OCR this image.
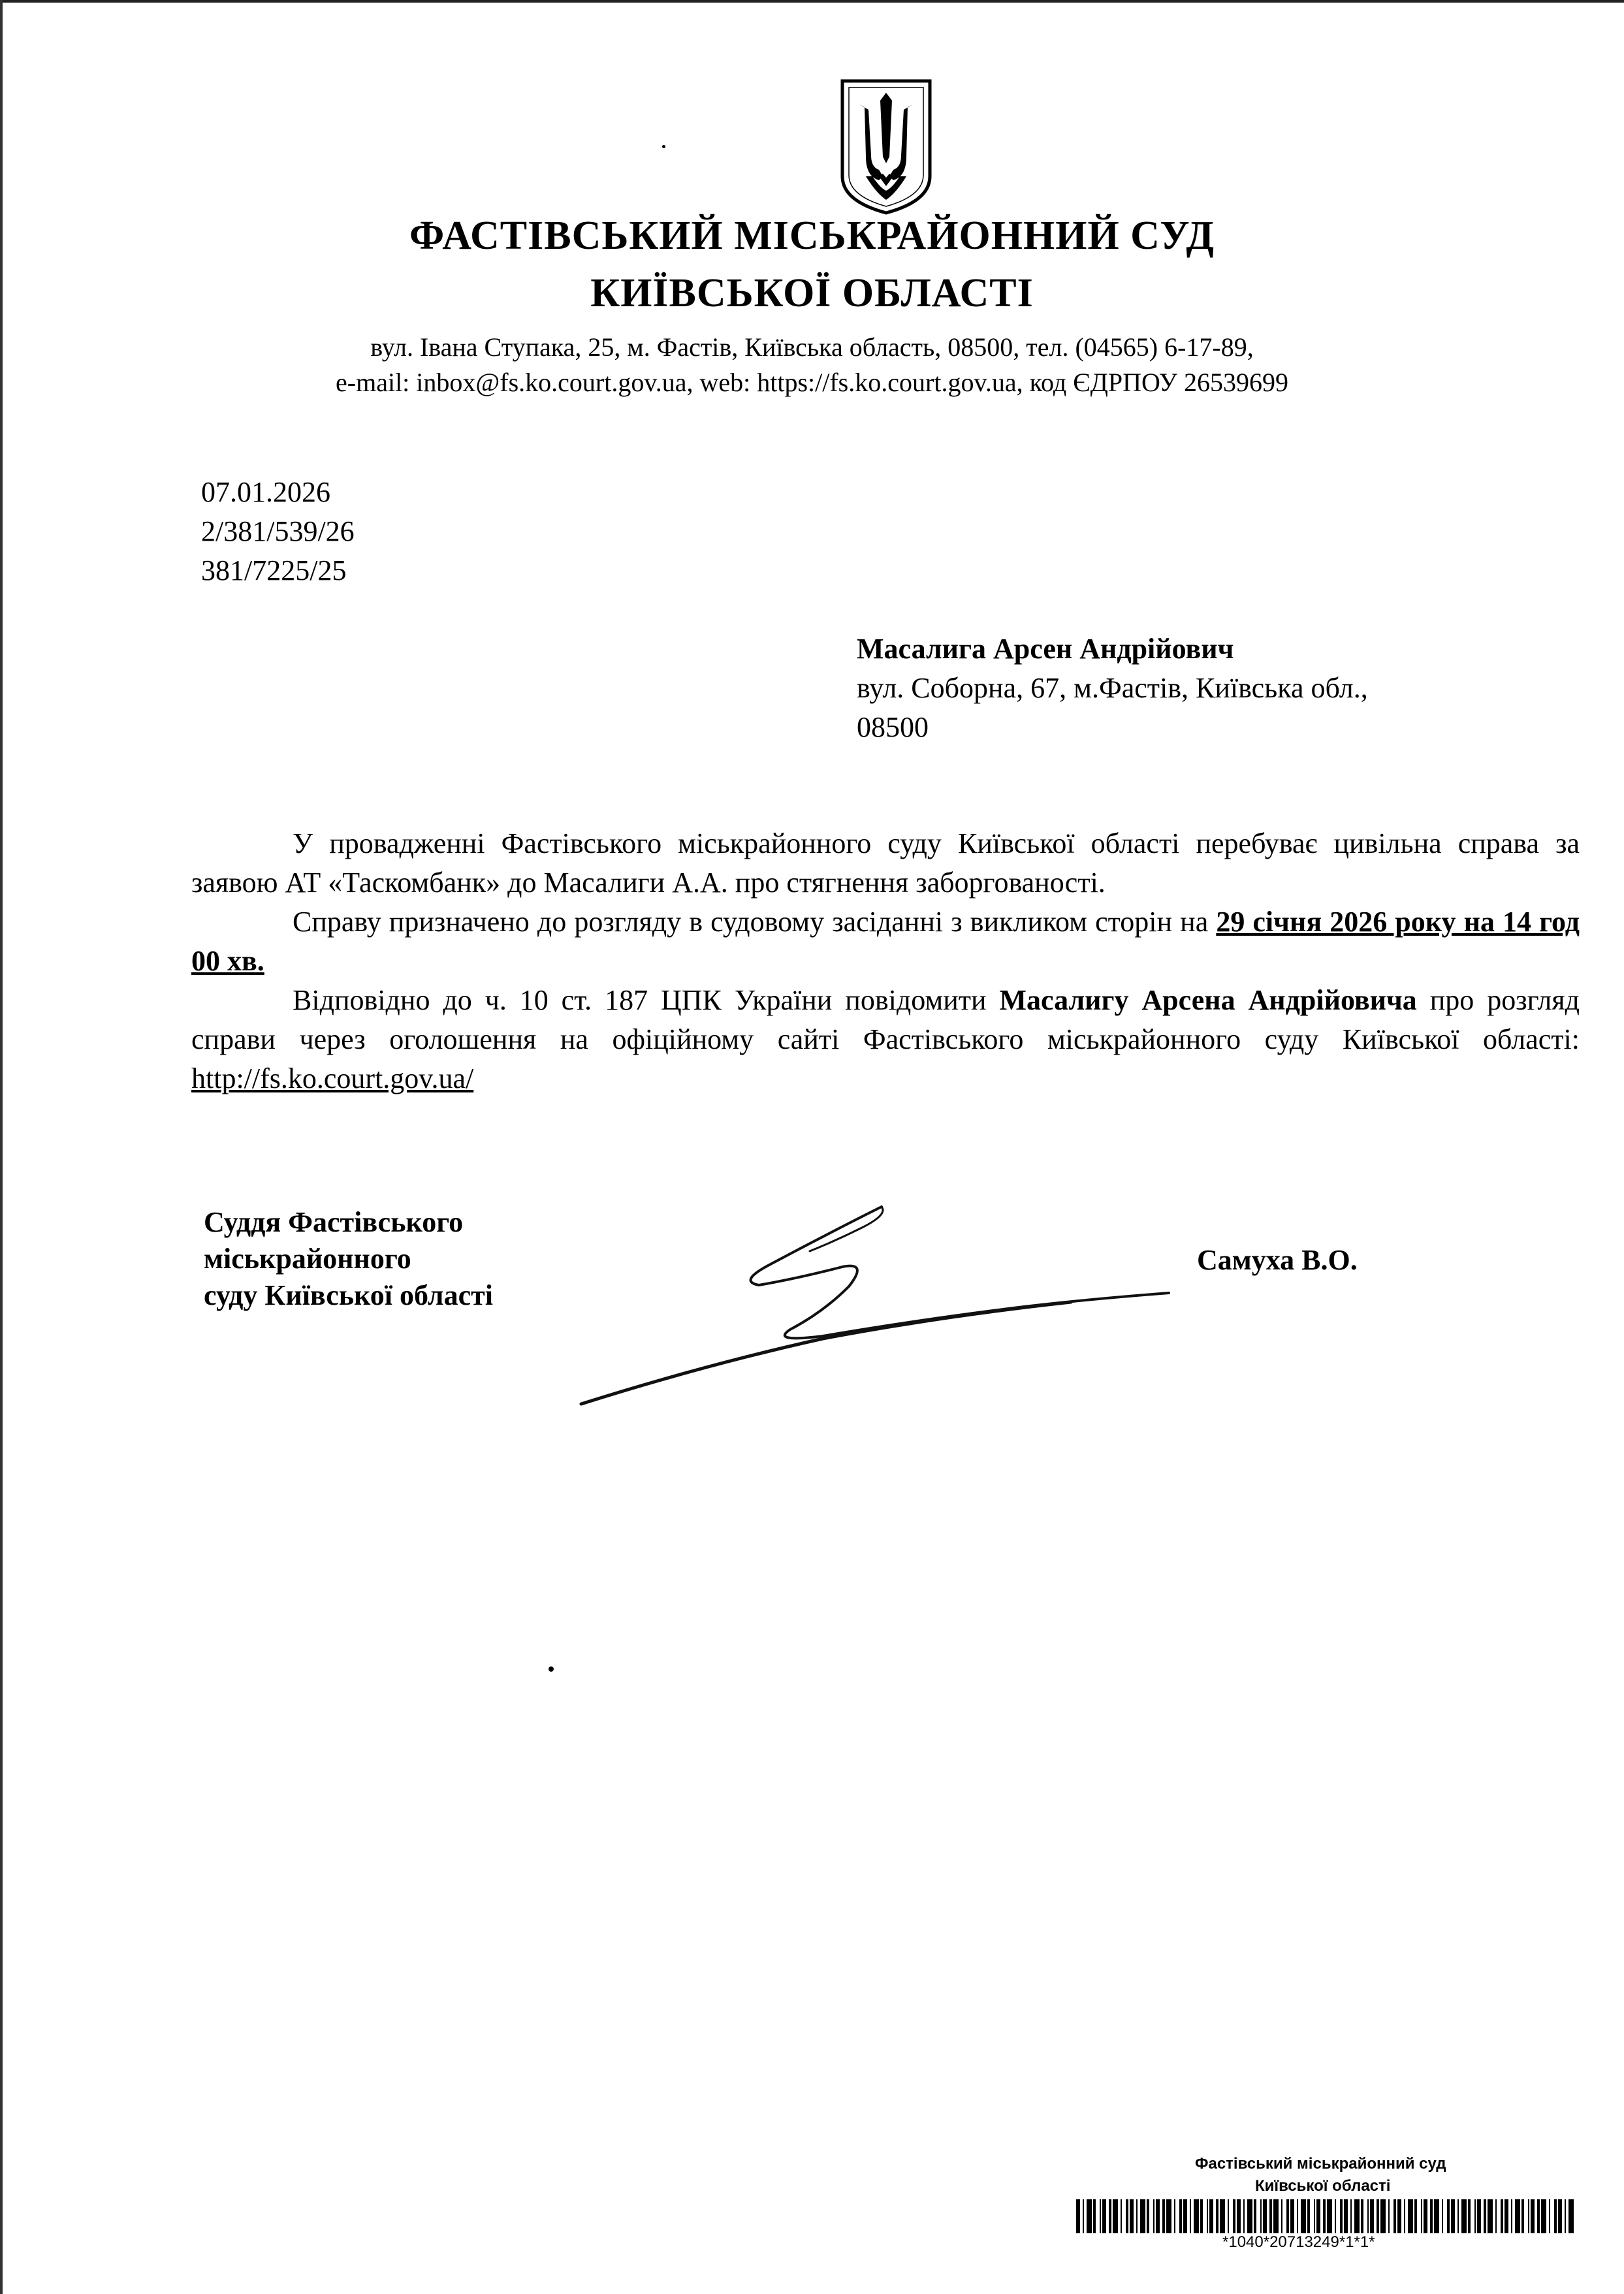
ФАСТІВСЬКИЙ МІСЬКРАЙОННИЙ СУД
КИЇВСЬКОЇ ОБЛАСТІ
вул. Івана Ступака, 25, м. Фастів, Київська область, 08500, тел. (04565) 6-17-89,
e-mail: inbox@fs.ko.court.gov.ua, web: https://fs.ko.court.gov.ua, код ЄДРПОУ 26539699
07.01.2026
2/381/539/26
381/7225/25
Масалига Арсен Андрійович
вул. Соборна, 67, м.Фастів, Київська обл.,
08500
У провадженні Фастівського міськрайонного суду Київської області перебуває цивільна справа за заявою АТ «Таскомбанк» до Масалиги А.А. про стягнення заборгованості.
Справу призначено до розгляду в судовому засіданні з викликом сторін на 29 січня 2026 року на 14 год 00 хв.
Відповідно до ч. 10 ст. 187 ЦПК України повідомити Масалигу Арсена Андрійовича про розгляд справи через оголошення на офіційному сайті Фастівського міськрайонного суду Київської області: http://fs.ko.court.gov.ua/
Суддя Фастівського
міськрайонного
суду Київської області
Самуха В.О.
Фастівський міськрайонний суд
Київської області
*1040*20713249*1*1*
